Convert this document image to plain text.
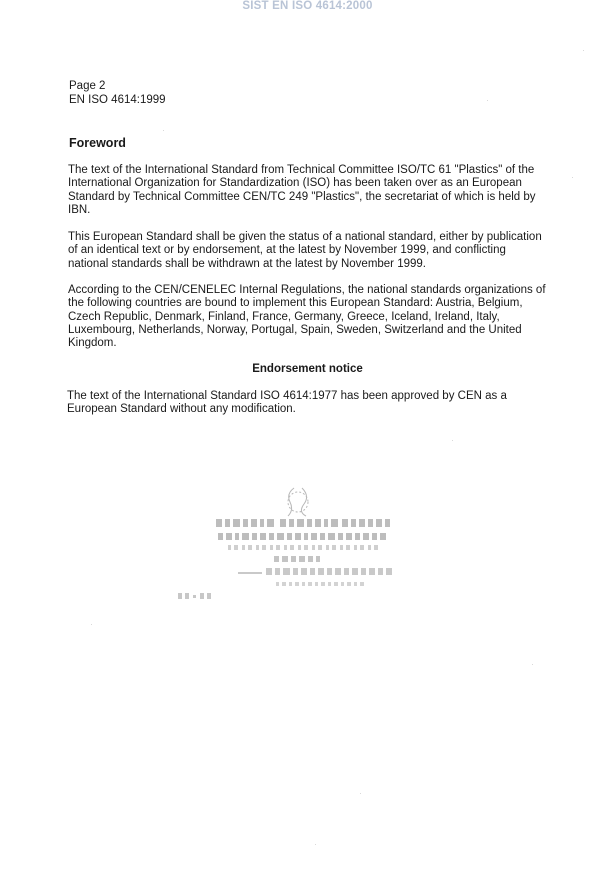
SIST EN ISO 4614:2000
Page 2
EN ISO 4614:1999
Foreword

The text of the International Standard from Technical Committee ISO/TC 61 "Plastics" of the International Organization for Standardization (ISO) has been taken over as an European Standard by Technical Committee CEN/TC 249 "Plastics", the secretariat of which is held by IBN.

This European Standard shall be given the status of a national standard, either by publication of an identical text or by endorsement, at the latest by November 1999, and conflicting national standards shall be withdrawn at the latest by November 1999.

According to the CEN/CENELEC Internal Regulations, the national standards organizations of the following countries are bound to implement this European Standard: Austria, Belgium, Czech Republic, Denmark, Finland, France, Germany, Greece, Iceland, Ireland, Italy, Luxembourg, Netherlands, Norway, Portugal, Spain, Sweden, Switzerland and the United Kingdom.

Endorsement notice

The text of the International Standard ISO 4614:1977 has been approved by CEN as a European Standard without any modification.
